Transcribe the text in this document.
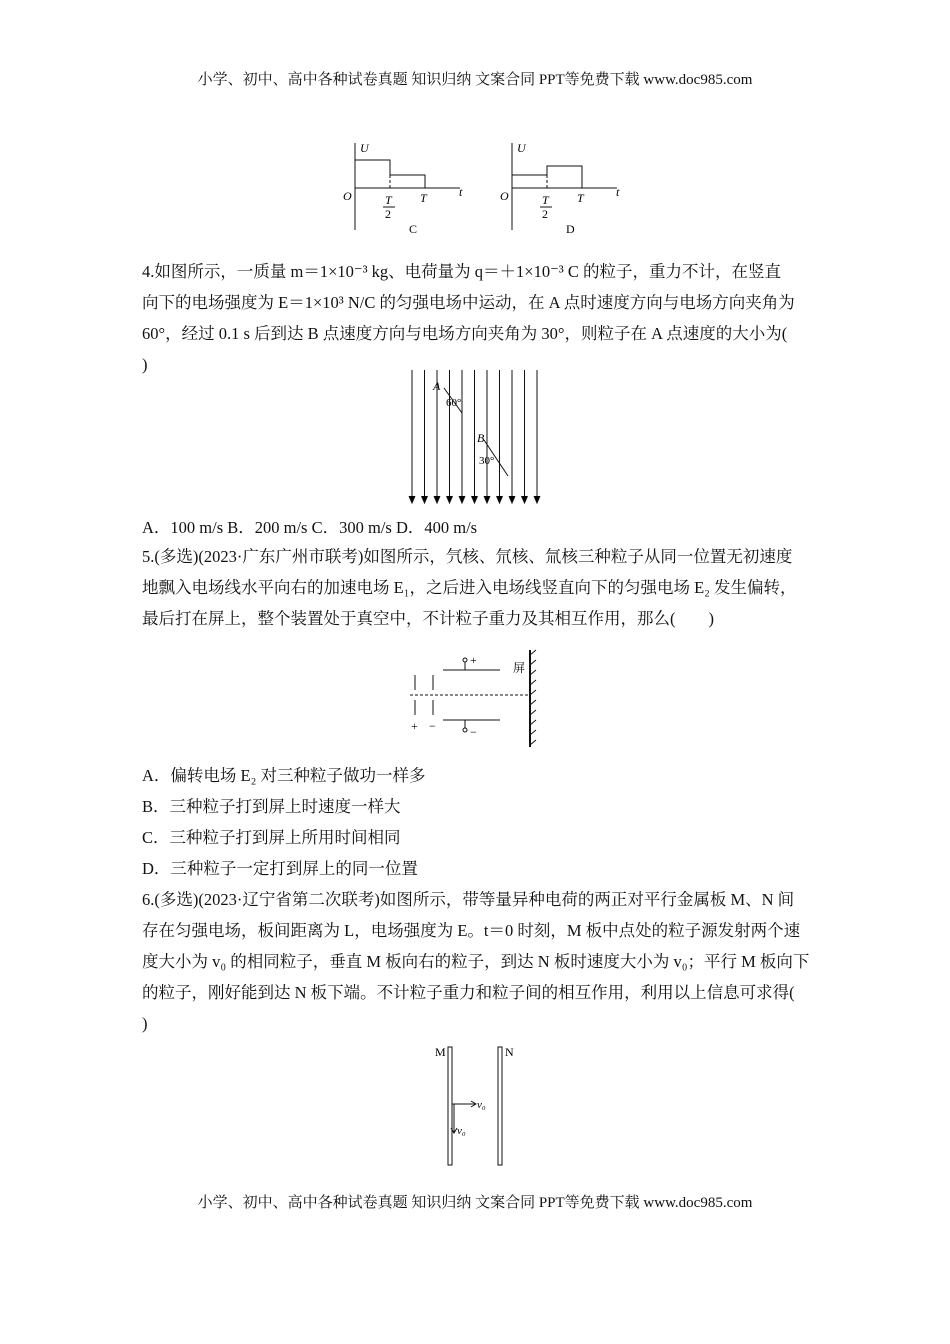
小学、初中、高中各种试卷真题 知识归纳 文案合同 PPT等免费下载 www.doc985.com
U
O	t
T
2
T
C
U
O	t
T
2
T
D
4.如图所示，一质量 m＝1×10⁻³ kg、电荷量为 q＝＋1×10⁻³ C 的粒子，重力不计，在竖直
向下的电场强度为 E＝1×10³ N/C 的匀强电场中运动，在 A 点时速度方向与电场方向夹角为
60°，经过 0.1 s 后到达 B 点速度方向与电场方向夹角为 30°，则粒子在 A 点速度的大小为(
)
A
60°
B
30°
A．100 m/s B．200 m/s C．300 m/s D．400 m/s
5.(多选)(2023·广东广州市联考)如图所示，氕核、氘核、氚核三种粒子从同一位置无初速度
地飘入电场线水平向右的加速电场 E₁，之后进入电场线竖直向下的匀强电场 E₂ 发生偏转，
最后打在屏上，整个装置处于真空中，不计粒子重力及其相互作用，那么(　　)
屏
+
−
+ −
A．偏转电场 E₂ 对三种粒子做功一样多
B．三种粒子打到屏上时速度一样大
C．三种粒子打到屏上所用时间相同
D．三种粒子一定打到屏上的同一位置
6.(多选)(2023·辽宁省第二次联考)如图所示，带等量异种电荷的两正对平行金属板 M、N 间
存在匀强电场，板间距离为 L，电场强度为 E。t＝0 时刻，M 板中点处的粒子源发射两个速
度大小为 v₀ 的相同粒子，垂直 M 板向右的粒子，到达 N 板时速度大小为 v₀；平行 M 板向下
的粒子，刚好能到达 N 板下端。不计粒子重力和粒子间的相互作用，利用以上信息可求得(
)
M	N
v₀
v₀
小学、初中、高中各种试卷真题 知识归纳 文案合同 PPT等免费下载 www.doc985.com
